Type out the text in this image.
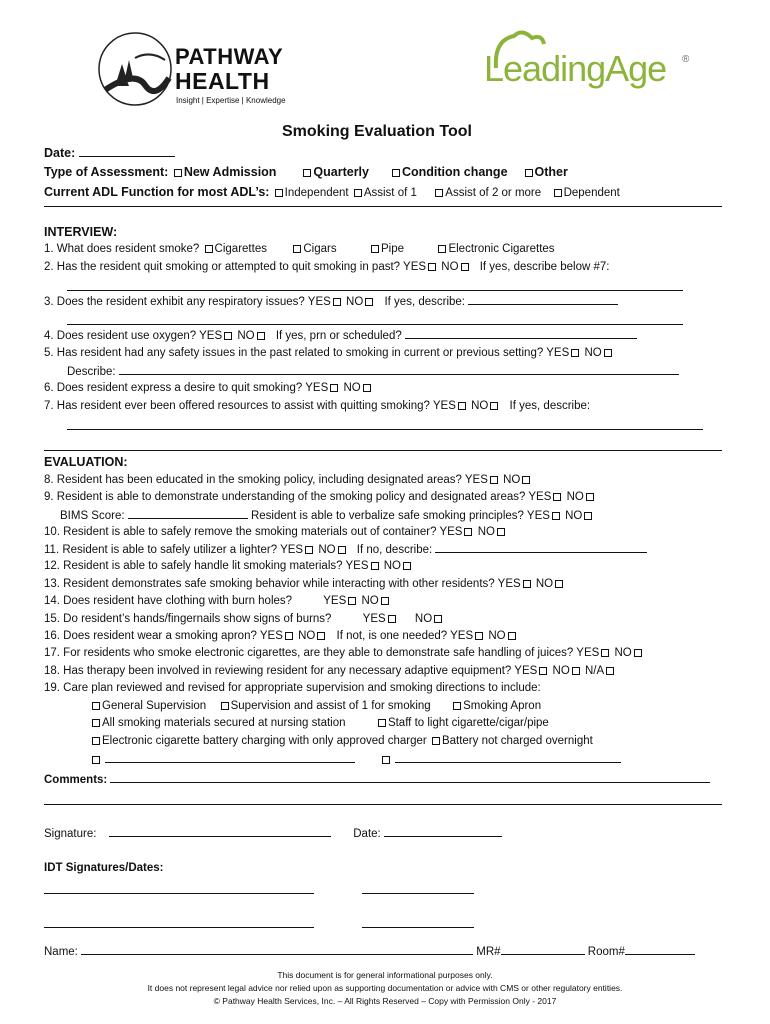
PATHWAY
HEALTH
Insight | Expertise | Knowledge
LeadingAge ®
Smoking Evaluation Tool
Date:
Type of Assessment: New Admission	Quarterly	Condition change Other
Current ADL Function for most ADL’s: Independent Assist of 1 Assist of 2 or more Dependent
INTERVIEW:
1. What does resident smoke? Cigarettes	Cigars	Pipe	Electronic Cigarettes
2. Has the resident quit smoking or attempted to quit smoking in past? YES NO If yes, describe below #7:
3. Does the resident exhibit any respiratory issues? YES NO If yes, describe:
4. Does resident use oxygen? YES NO If yes, prn or scheduled?
5. Has resident had any safety issues in the past related to smoking in current or previous setting? YES NO
Describe:
6. Does resident express a desire to quit smoking? YES NO
7. Has resident ever been offered resources to assist with quitting smoking? YES NO If yes, describe:
EVALUATION:
8. Resident has been educated in the smoking policy, including designated areas? YES NO
9. Resident is able to demonstrate understanding of the smoking policy and designated areas? YES NO
BIMS Score:	Resident is able to verbalize safe smoking principles? YES NO
10. Resident is able to safely remove the smoking materials out of container? YES NO
11. Resident is able to safely utilizer a lighter? YES NO If no, describe:
12. Resident is able to safely handle lit smoking materials? YES NO
13. Resident demonstrates safe smoking behavior while interacting with other residents? YES NO
14. Does resident have clothing with burn holes?	YES NO
15. Do resident’s hands/fingernails show signs of burns?	YES	NO
16. Does resident wear a smoking apron? YES NO If not, is one needed? YES NO
17. For residents who smoke electronic cigarettes, are they able to demonstrate safe handling of juices? YES NO
18. Has therapy been involved in reviewing resident for any necessary adaptive equipment? YES NO N/A
19. Care plan reviewed and revised for appropriate supervision and smoking directions to include:
General Supervision Supervision and assist of 1 for smoking	Smoking Apron
All smoking materials secured at nursing station	Staff to light cigarette/cigar/pipe
Electronic cigarette battery charging with only approved charger Battery not charged overnight

Comments:
Signature:	Date:
IDT Signatures/Dates:
Name:	MR#	Room#
This document is for general informational purposes only.
It does not represent legal advice nor relied upon as supporting documentation or advice with CMS or other regulatory entities.
© Pathway Health Services, Inc. – All Rights Reserved – Copy with Permission Only - 2017
